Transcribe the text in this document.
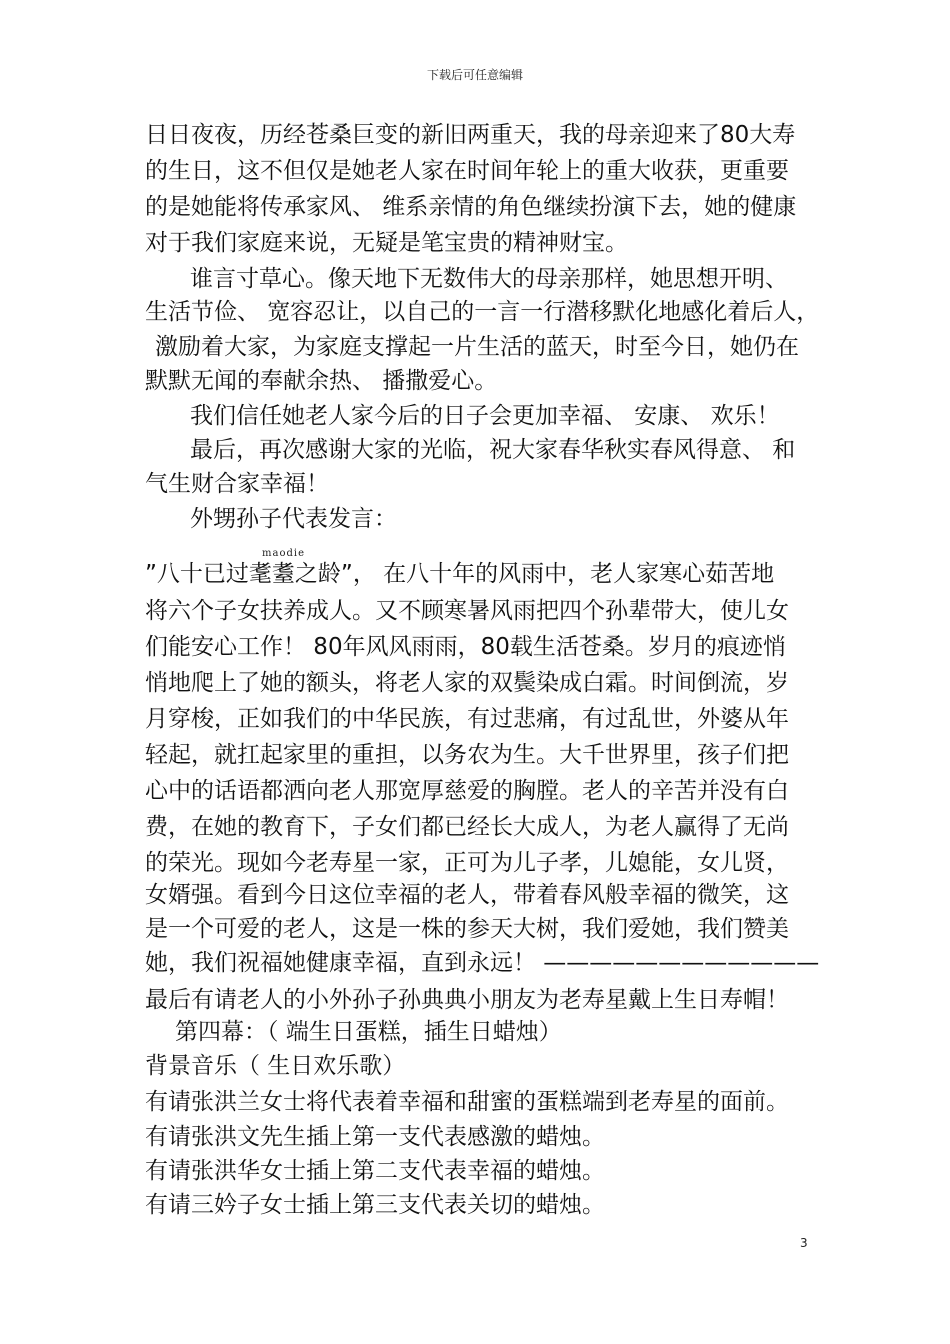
下载后可任意编辑
maodie
日日夜夜，历经苍桑巨变的新旧两重天，我的母亲迎来了80大寿
的生日，这不但仅是她老人家在时间年轮上的重大收获，更重要
的是她能将传承家风、 维系亲情的角色继续扮演下去，她的健康
对于我们家庭来说，无疑是笔宝贵的精神财宝。
谁言寸草心。像天地下无数伟大的母亲那样，她思想开明、
生活节俭、 宽容忍让，以自己的一言一行潜移默化地感化着后人，
激励着大家，为家庭支撑起一片生活的蓝天，时至今日，她仍在
默默无闻的奉献余热、 播撒爱心。
我们信任她老人家今后的日子会更加幸福、 安康、 欢乐！
最后，再次感谢大家的光临，祝大家春华秋实春风得意、 和
气生财合家幸福！
外甥孙子代表发言：
”八十已过耄耋之龄”， 在八十年的风雨中，老人家寒心茹苦地
将六个子女扶养成人。又不顾寒暑风雨把四个孙辈带大，使儿女
们能安心工作！ 80年风风雨雨，80载生活苍桑。岁月的痕迹悄
悄地爬上了她的额头，将老人家的双鬓染成白霜。时间倒流，岁
月穿梭，正如我们的中华民族，有过悲痛，有过乱世，外婆从年
轻起，就扛起家里的重担，以务农为生。大千世界里，孩子们把
心中的话语都洒向老人那宽厚慈爱的胸膛。老人的辛苦并没有白
费，在她的教育下，子女们都已经长大成人，为老人赢得了无尚
的荣光。现如今老寿星一家，正可为儿子孝，儿媳能，女儿贤，
女婿强。看到今日这位幸福的老人，带着春风般幸福的微笑，这
是一个可爱的老人，这是一株的参天大树，我们爱她，我们赞美
她，我们祝福她健康幸福，直到永远！ ————————————
最后有请老人的小外孙子孙典典小朋友为老寿星戴上生日寿帽！
第四幕：（ 端生日蛋糕，插生日蜡烛）
背景音乐（ 生日欢乐歌）
有请张洪兰女士将代表着幸福和甜蜜的蛋糕端到老寿星的面前。
有请张洪文先生插上第一支代表感激的蜡烛。
有请张洪华女士插上第二支代表幸福的蜡烛。
有请三妗子女士插上第三支代表关切的蜡烛。
3
